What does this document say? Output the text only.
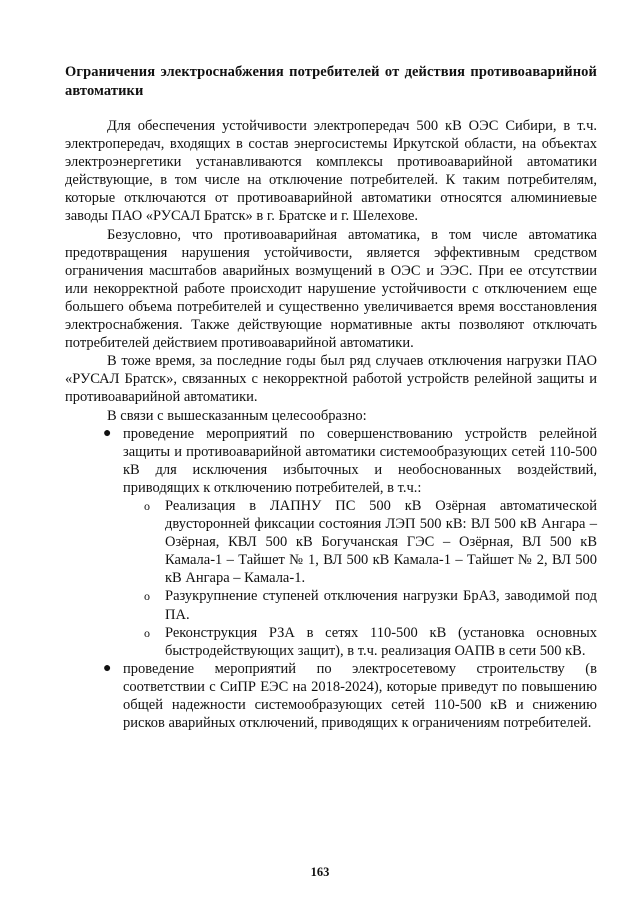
Ограничения электроснабжения потребителей от действия противоаварийной автоматики

Для обеспечения устойчивости электропередач 500 кВ ОЭС Сибири, в т.ч. электропередач, входящих в состав энергосистемы Иркутской области, на объектах электроэнергетики устанавливаются комплексы противоаварийной автоматики действующие, в том числе на отключение потребителей. К таким потребителям, которые отключаются от противоаварийной автоматики относятся алюминиевые заводы ПАО «РУСАЛ Братск» в г. Братске и г. Шелехове.

Безусловно, что противоаварийная автоматика, в том числе автоматика предотвращения нарушения устойчивости, является эффективным средством ограничения масштабов аварийных возмущений в ОЭС и ЭЭС. При ее отсутствии или некорректной работе происходит нарушение устойчивости с отключением еще большего объема потребителей и существенно увеличивается время восстановления электроснабжения. Также действующие нормативные акты позволяют отключать потребителей действием противоаварийной автоматики.

В тоже время, за последние годы был ряд случаев отключения нагрузки ПАО «РУСАЛ Братск», связанных с некорректной работой устройств релейной защиты и противоаварийной автоматики.

В связи с вышесказанным целесообразно:

● проведение мероприятий по совершенствованию устройств релейной защиты и противоаварийной автоматики системообразующих сетей 110-500 кВ для исключения избыточных и необоснованных воздействий, приводящих к отключению потребителей, в т.ч.:
o Реализация в ЛАПНУ ПС 500 кВ Озёрная автоматической двусторонней фиксации состояния ЛЭП 500 кВ: ВЛ 500 кВ Ангара – Озёрная, КВЛ 500 кВ Богучанская ГЭС – Озёрная, ВЛ 500 кВ Камала-1 – Тайшет № 1, ВЛ 500 кВ Камала-1 – Тайшет № 2, ВЛ 500 кВ Ангара – Камала-1.
o Разукрупнение ступеней отключения нагрузки БрАЗ, заводимой под ПА.
o Реконструкция РЗА в сетях 110-500 кВ (установка основных быстродействующих защит), в т.ч. реализация ОАПВ в сети 500 кВ.
● проведение мероприятий по электросетевому строительству (в соответствии с СиПР ЕЭС на 2018-2024), которые приведут по повышению общей надежности системообразующих сетей 110-500 кВ и снижению рисков аварийных отключений, приводящих к ограничениям потребителей.
163
